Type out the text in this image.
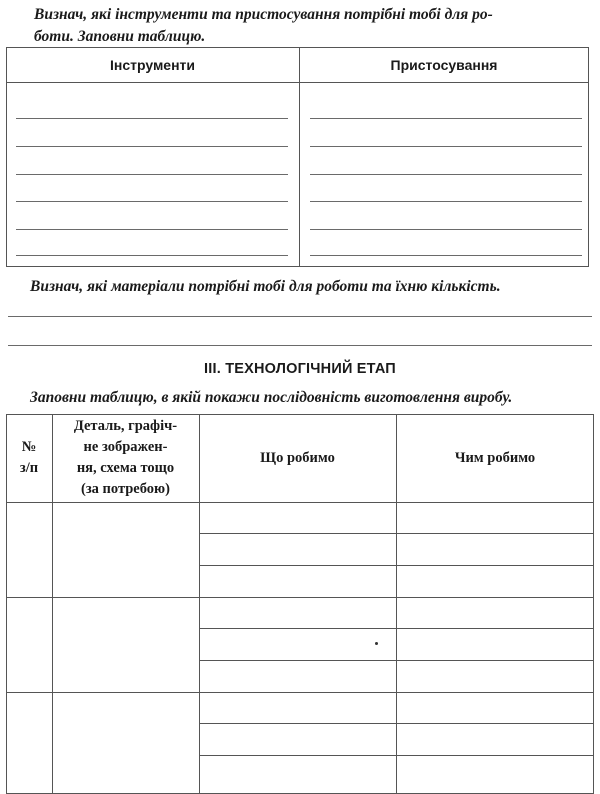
Визнач, які інструменти та пристосування потрібні тобі для ро-
боти. Заповни таблицю.

Інструменти	Пристосування

Визнач, які матеріали потрібні тобі для роботи та їхню кількість.

ІІІ. ТЕХНОЛОГІЧНИЙ ЕТАП

Заповни таблицю, в якій покажи послідовність виготовлення виробу.

№
з/п
Деталь, графіч-
не зображен-
ня, схема тощо
(за потребою)
Що робимо	Чим робимо
